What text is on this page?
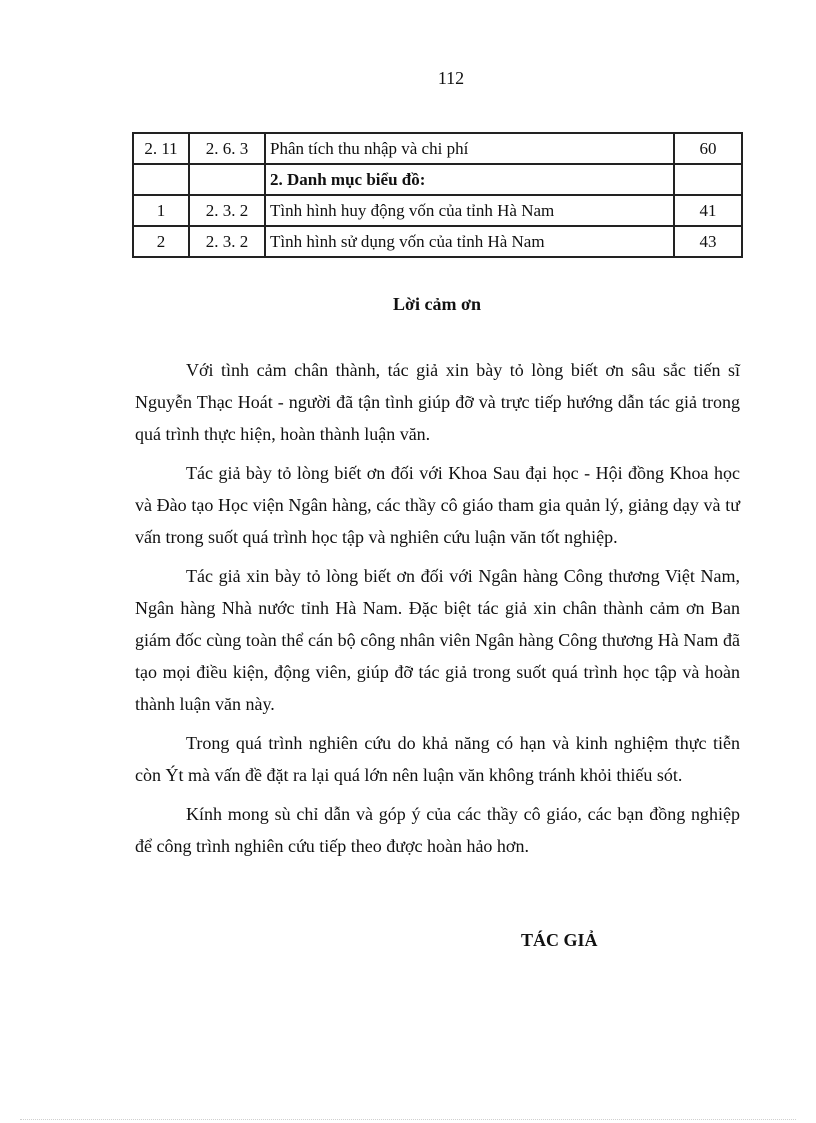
112
2. 11	2. 6. 3	Phân tích thu nhập và chi phí	60
		2. Danh mục biểu đồ:	
1	2. 3. 2	Tình hình huy động vốn của tỉnh Hà Nam	41
2	2. 3. 2	Tình hình sử dụng vốn của tỉnh Hà Nam	43
Lời cảm ơn

Với tình cảm chân thành, tác giả xin bày tỏ lòng biết ơn sâu sắc tiến sĩ Nguyễn Thạc Hoát - người đã tận tình giúp đỡ và trực tiếp hướng dẫn tác giả trong quá trình thực hiện, hoàn thành luận văn.

Tác giả bày tỏ lòng biết ơn đối với Khoa Sau đại học - Hội đồng Khoa học và Đào tạo Học viện Ngân hàng, các thầy cô giáo tham gia quản lý, giảng dạy và tư vấn trong suốt quá trình học tập và nghiên cứu luận văn tốt nghiệp.

Tác giả xin bày tỏ lòng biết ơn đối với Ngân hàng Công thương Việt Nam, Ngân hàng Nhà nước tỉnh Hà Nam. Đặc biệt tác giả xin chân thành cảm ơn Ban giám đốc cùng toàn thể cán bộ công nhân viên Ngân hàng Công thương Hà Nam đã tạo mọi điều kiện, động viên, giúp đỡ tác giả trong suốt quá trình học tập và hoàn thành luận văn này.

Trong quá trình nghiên cứu do khả năng có hạn và kinh nghiệm thực tiễn còn Ýt mà vấn đề đặt ra lại quá lớn nên luận văn không tránh khỏi thiếu sót.

Kính mong sù chỉ dẫn và góp ý của các thầy cô giáo, các bạn đồng nghiệp để công trình nghiên cứu tiếp theo được hoàn hảo hơn.

TÁC GIẢ
